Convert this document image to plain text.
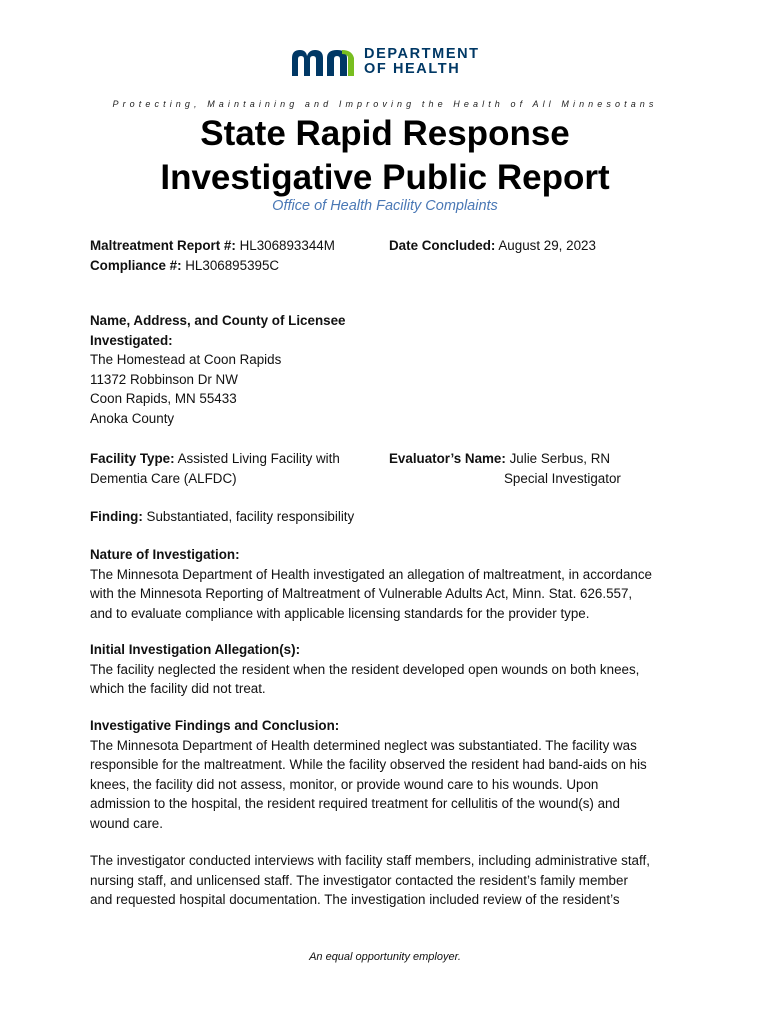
DEPARTMENT
OF HEALTH
Protecting, Maintaining and Improving the Health of All Minnesotans
State Rapid Response
Investigative Public Report
Office of Health Facility Complaints
Maltreatment Report #: HL306893344M
Compliance #: HL306895395C
Date Concluded: August 29, 2023
Name, Address, and County of Licensee
Investigated:
The Homestead at Coon Rapids
11372 Robbinson Dr NW
Coon Rapids, MN 55433
Anoka County
Facility Type: Assisted Living Facility with
Dementia Care (ALFDC)
Evaluator’s Name: Julie Serbus, RN
Special Investigator
Finding: Substantiated, facility responsibility
Nature of Investigation:
The Minnesota Department of Health investigated an allegation of maltreatment, in accordance
with the Minnesota Reporting of Maltreatment of Vulnerable Adults Act, Minn. Stat. 626.557,
and to evaluate compliance with applicable licensing standards for the provider type.
Initial Investigation Allegation(s):
The facility neglected the resident when the resident developed open wounds on both knees,
which the facility did not treat.
Investigative Findings and Conclusion:
The Minnesota Department of Health determined neglect was substantiated. The facility was
responsible for the maltreatment. While the facility observed the resident had band-aids on his
knees, the facility did not assess, monitor, or provide wound care to his wounds. Upon
admission to the hospital, the resident required treatment for cellulitis of the wound(s) and
wound care.
The investigator conducted interviews with facility staff members, including administrative staff,
nursing staff, and unlicensed staff. The investigator contacted the resident’s family member
and requested hospital documentation. The investigation included review of the resident’s
An equal opportunity employer.
